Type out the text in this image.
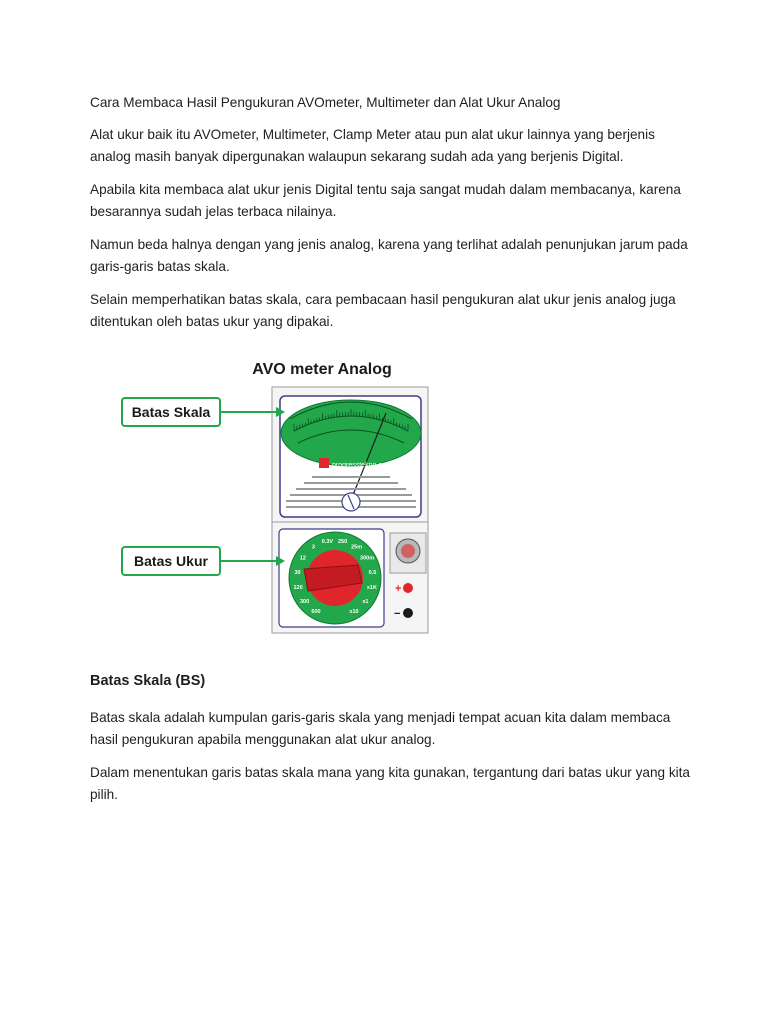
Cara Membaca Hasil Pengukuran AVOmeter, Multimeter dan Alat Ukur Analog

Alat ukur baik itu AVOmeter, Multimeter, Clamp Meter atau pun alat ukur lainnya yang berjenis analog masih banyak dipergunakan walaupun sekarang sudah ada yang berjenis Digital.

Apabila kita membaca alat ukur jenis Digital tentu saja sangat mudah dalam membacanya, karena besarannya sudah jelas terbaca nilainya.

Namun beda halnya dengan yang jenis analog, karena yang terlihat adalah penunjukan jarum pada garis-garis batas skala.

Selain memperhatikan batas skala, cara pembacaan hasil pengukuran alat ukur jenis analog juga ditentukan oleh batas ukur yang dipakai.

AVO meter Analog
progresstekno.com
600
300
120
30
12
3
0.3V 250
25m
300m
0.5
x1K
x1
x10
+
−
Batas Skala
Batas Ukur
Batas Skala (BS)

Batas skala adalah kumpulan garis-garis skala yang menjadi tempat acuan kita dalam membaca hasil pengukuran apabila menggunakan alat ukur analog.

Dalam menentukan garis batas skala mana yang kita gunakan, tergantung dari batas ukur yang kita pilih.
